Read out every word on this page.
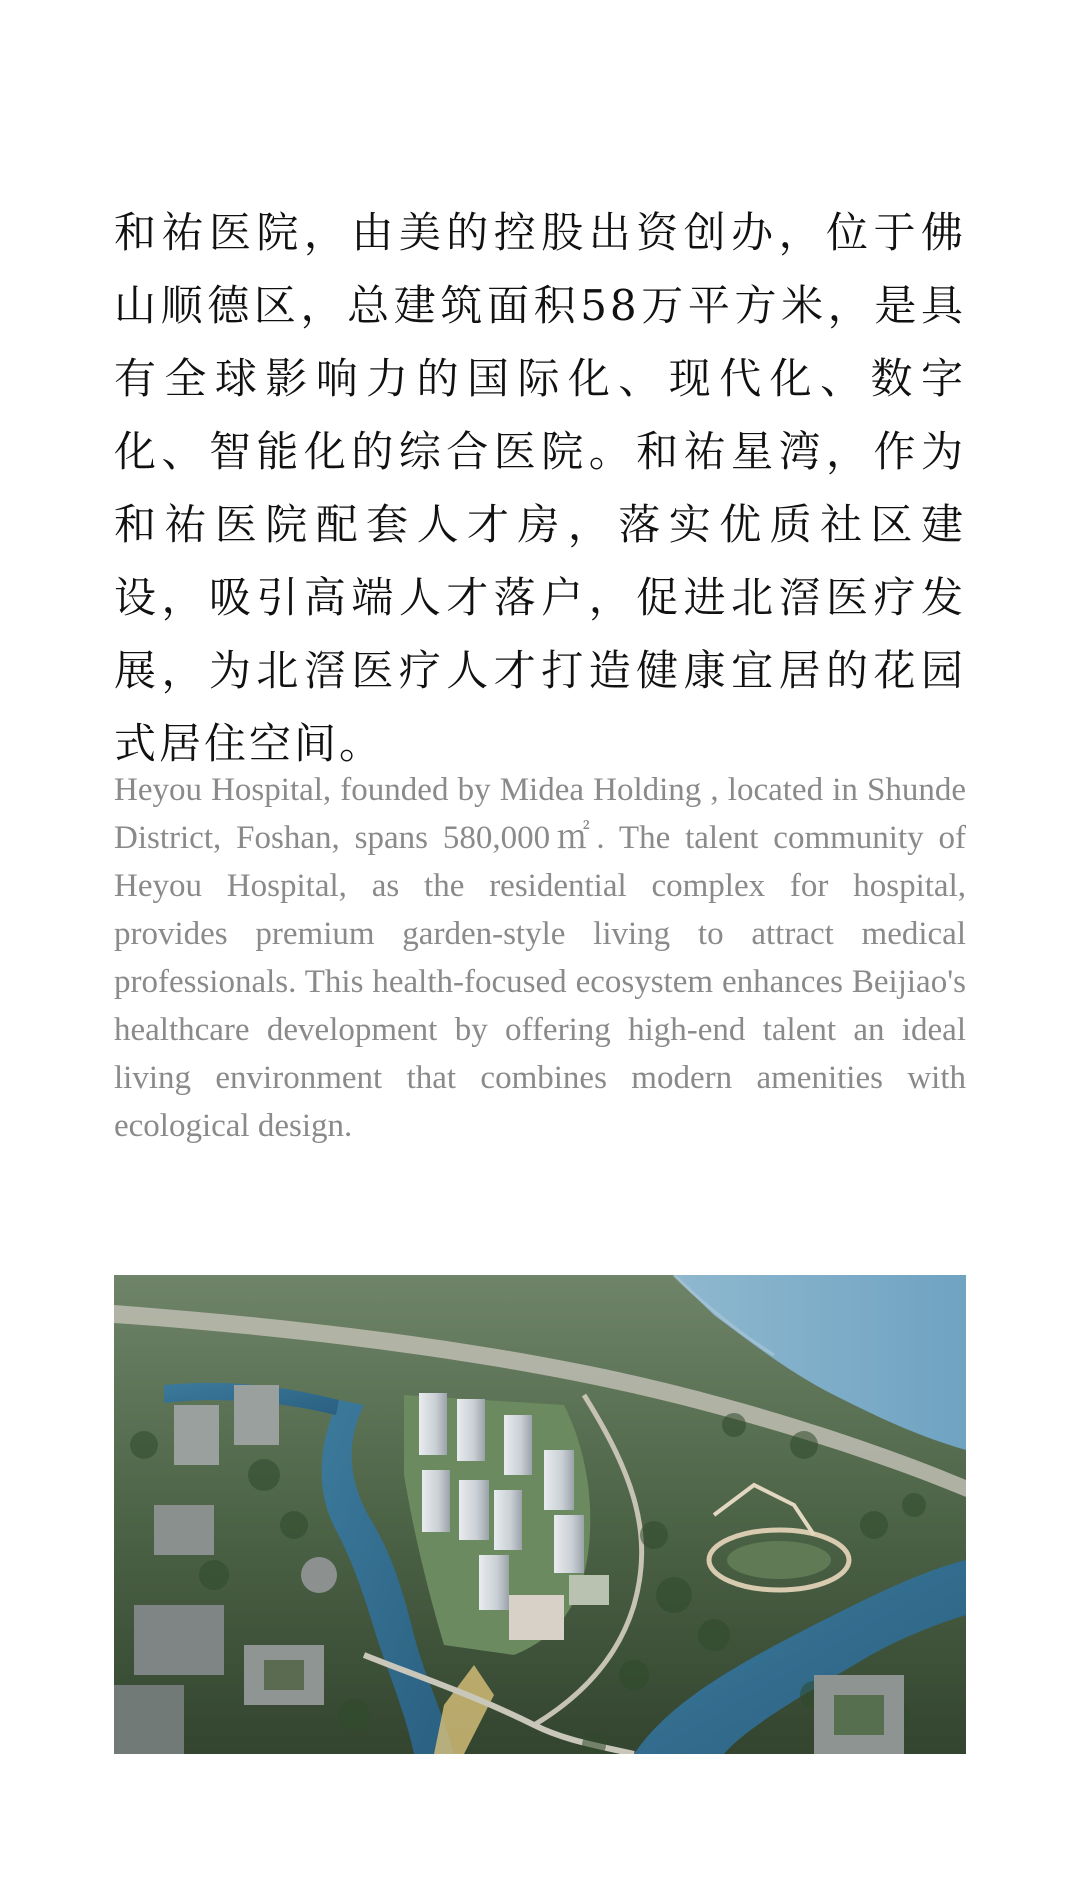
和祐医院，由美的控股出资创办，位于佛山顺德区，总建筑面积58万平方米，是具有全球影响力的国际化、现代化、数字化、智能化的综合医院。和祐星湾，作为和祐医院配套人才房，落实优质社区建设，吸引高端人才落户，促进北滘医疗发展，为北滘医疗人才打造健康宜居的花园式居住空间。

Heyou Hospital, founded by Midea Holding , located in Shunde District, Foshan, spans 580,000㎡. The talent community of Heyou Hospital, as the residential complex for hospital, provides premium garden-style living to attract medical professionals. This health-focused ecosystem enhances Beijiao's healthcare development by offering high-end talent an ideal living environment that combines modern amenities with ecological design.
